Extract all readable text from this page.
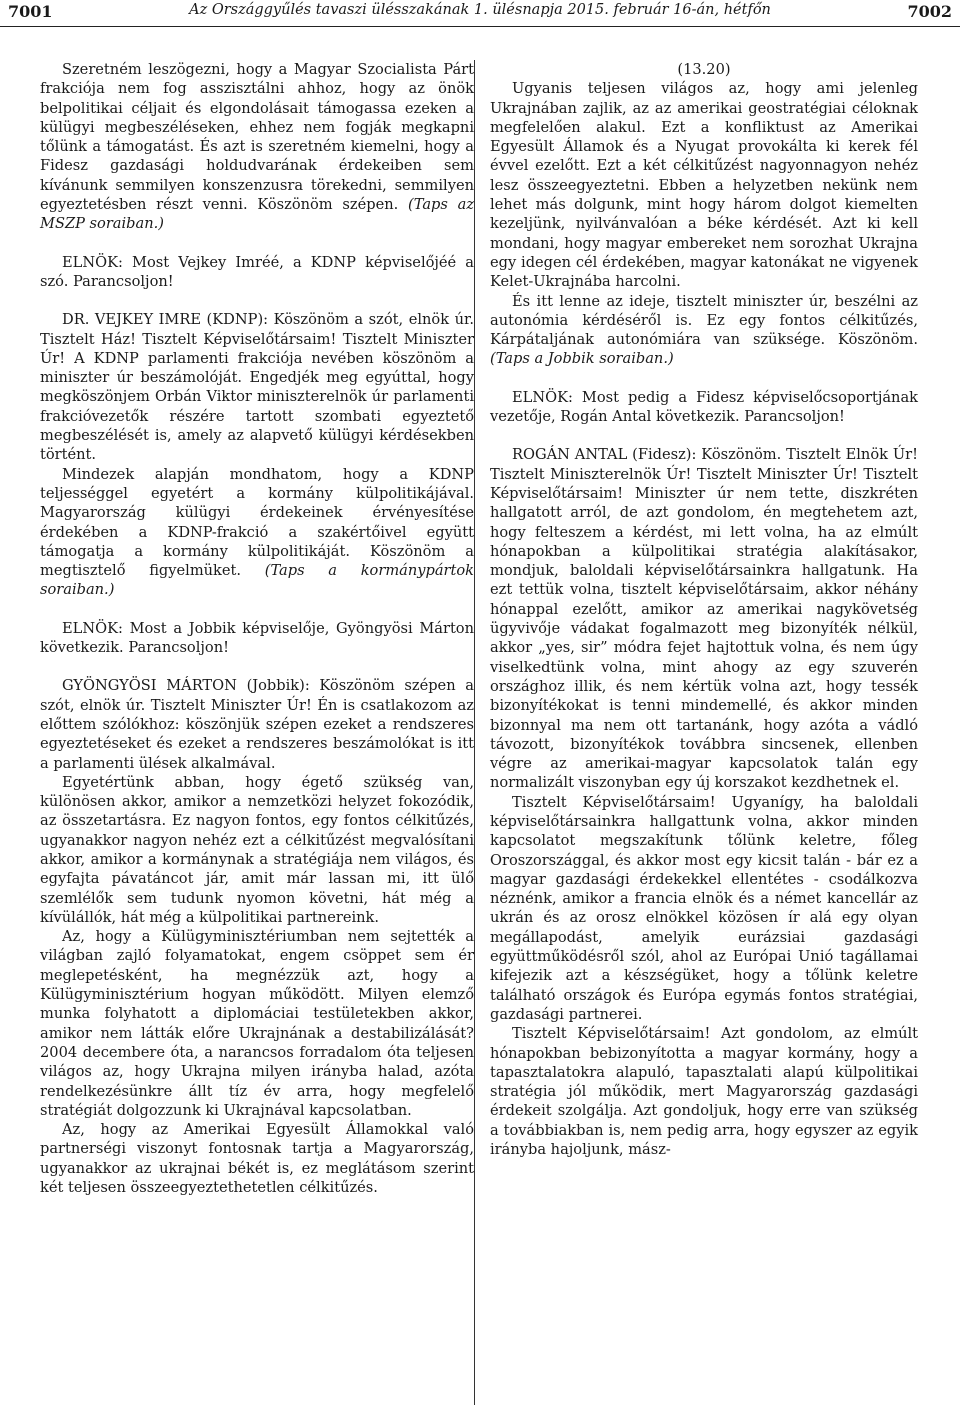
7001	Az Országgyűlés tavaszi ülésszakának 1. ülésnapja 2015. február 16-án, hétfőn	7002

Szeretném leszögezni, hogy a Magyar Szocialista Párt frakciója nem fog asszisztálni ahhoz, hogy az önök belpolitikai céljait és elgondolásait támogassa ezeken a külügyi megbeszéléseken, ehhez nem fogják megkapni tőlünk a támogatást. És azt is szeretném kiemelni, hogy a Fidesz gazdasági holdudvarának érdekeiben sem kívánunk semmilyen konszenzusra törekedni, semmilyen egyeztetésben részt venni. Köszönöm szépen. (Taps az MSZP soraiban.)

ELNÖK: Most Vejkey Imréé, a KDNP képviselőjéé a szó. Parancsoljon!

DR. VEJKEY IMRE (KDNP): Köszönöm a szót, elnök úr. Tisztelt Ház! Tisztelt Képviselőtársaim! Tisztelt Miniszter Úr! A KDNP parlamenti frakciója nevében köszönöm a miniszter úr beszámolóját. Engedjék meg egyúttal, hogy megköszönjem Orbán Viktor miniszterelnök úr parlamenti frakcióvezetők részére tartott szombati egyeztető megbeszélését is, amely az alapvető külügyi kérdésekben történt.

Mindezek alapján mondhatom, hogy a KDNP teljességgel egyetért a kormány külpolitikájával. Magyarország külügyi érdekeinek érvényesítése érdekében a KDNP-frakció a szakértőivel együtt támogatja a kormány külpolitikáját. Köszönöm a megtisztelő figyelmüket. (Taps a kormánypártok soraiban.)

ELNÖK: Most a Jobbik képviselője, Gyöngyösi Márton következik. Parancsoljon!

GYÖNGYÖSI MÁRTON (Jobbik): Köszönöm szépen a szót, elnök úr. Tisztelt Miniszter Úr! Én is csatlakozom az előttem szólókhoz: köszönjük szépen ezeket a rendszeres egyeztetéseket és ezeket a rendszeres beszámolókat is itt a parlamenti ülések alkalmával.

Egyetértünk abban, hogy égető szükség van, különösen akkor, amikor a nemzetközi helyzet fokozódik, az összetartásra. Ez nagyon fontos, egy fontos célkitűzés, ugyanakkor nagyon nehéz ezt a célkitűzést megvalósítani akkor, amikor a kormánynak a stratégiája nem világos, és egyfajta pávatáncot jár, amit már lassan mi, itt ülő szemlélők sem tudunk nyomon követni, hát még a kívülállók, hát még a külpolitikai partnereink.

Az, hogy a Külügyminisztériumban nem sejtették a világban zajló folyamatokat, engem csöppet sem ér meglepetésként, ha megnézzük azt, hogy a Külügyminisztérium hogyan működött. Milyen elemző munka folyhatott a diplomáciai testületekben akkor, amikor nem látták előre Ukrajnának a destabilizálását? 2004 decembere óta, a narancsos forradalom óta teljesen világos az, hogy Ukrajna milyen irányba halad, azóta rendelkezésünkre állt tíz év arra, hogy megfelelő stratégiát dolgozzunk ki Ukrajnával kapcsolatban.

Az, hogy az Amerikai Egyesült Államokkal való partnerségi viszonyt fontosnak tartja a Magyarország, ugyanakkor az ukrajnai békét is, ez meglátásom szerint két teljesen összeegyeztethetetlen célkitűzés.

(13.20)

Ugyanis teljesen világos az, hogy ami jelenleg Ukrajnában zajlik, az az amerikai geostratégiai céloknak megfelelően alakul. Ezt a konfliktust az Amerikai Egyesült Államok és a Nyugat provokálta ki kerek fél évvel ezelőtt. Ezt a két célkitűzést nagyonnagyon nehéz lesz összeegyeztetni. Ebben a helyzetben nekünk nem lehet más dolgunk, mint hogy három dolgot kiemelten kezeljünk, nyilvánvalóan a béke kérdését. Azt ki kell mondani, hogy magyar embereket nem sorozhat Ukrajna egy idegen cél érdekében, magyar katonákat ne vigyenek Kelet-Ukrajnába harcolni.

És itt lenne az ideje, tisztelt miniszter úr, beszélni az autonómia kérdéséről is. Ez egy fontos célkitűzés, Kárpátaljának autonómiára van szüksége. Köszönöm. (Taps a Jobbik soraiban.)

ELNÖK: Most pedig a Fidesz képviselőcsoportjának vezetője, Rogán Antal következik. Parancsoljon!

ROGÁN ANTAL (Fidesz): Köszönöm. Tisztelt Elnök Úr! Tisztelt Miniszterelnök Úr! Tisztelt Miniszter Úr! Tisztelt Képviselőtársaim! Miniszter úr nem tette, diszkréten hallgatott arról, de azt gondolom, én megtehetem azt, hogy felteszem a kérdést, mi lett volna, ha az elmúlt hónapokban a külpolitikai stratégia alakításakor, mondjuk, baloldali képviselőtársainkra hallgatunk. Ha ezt tettük volna, tisztelt képviselőtársaim, akkor néhány hónappal ezelőtt, amikor az amerikai nagykövetség ügyvivője vádakat fogalmazott meg bizonyíték nélkül, akkor „yes, sir” módra fejet hajtottuk volna, és nem úgy viselkedtünk volna, mint ahogy az egy szuverén országhoz illik, és nem kértük volna azt, hogy tessék bizonyítékokat is tenni mindemellé, és akkor minden bizonnyal ma nem ott tartanánk, hogy azóta a vádló távozott, bizonyítékok továbbra sincsenek, ellenben végre az amerikai-magyar kapcsolatok talán egy normalizált viszonyban egy új korszakot kezdhetnek el.

Tisztelt Képviselőtársaim! Ugyanígy, ha baloldali képviselőtársainkra hallgattunk volna, akkor minden kapcsolatot megszakítunk tőlünk keletre, főleg Oroszországgal, és akkor most egy kicsit talán - bár ez a magyar gazdasági érdekekkel ellentétes - csodálkozva néznénk, amikor a francia elnök és a német kancellár az ukrán és az orosz elnökkel közösen ír alá egy olyan megállapodást, amelyik eurázsiai gazdasági együttműködésről szól, ahol az Európai Unió tagállamai kifejezik azt a készségüket, hogy a tőlünk keletre található országok és Európa egymás fontos stratégiai, gazdasági partnerei.

Tisztelt Képviselőtársaim! Azt gondolom, az elmúlt hónapokban bebizonyította a magyar kormány, hogy a tapasztalatokra alapuló, tapasztalati alapú külpolitikai stratégia jól működik, mert Magyarország gazdasági érdekeit szolgálja. Azt gondoljuk, hogy erre van szükség a továbbiakban is, nem pedig arra, hogy egyszer az egyik irányba hajoljunk, mász-
